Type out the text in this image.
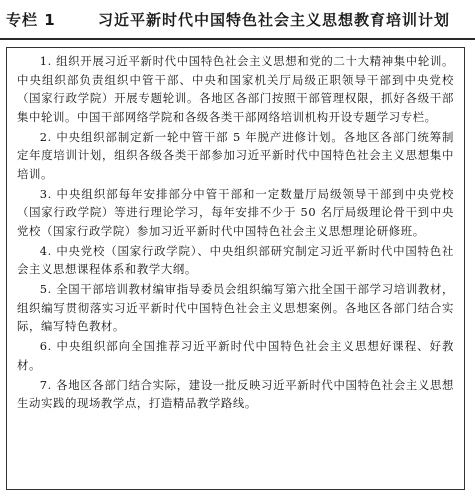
专栏 1	习近平新时代中国特色社会主义思想教育培训计划

1. 组织开展习近平新时代中国特色社会主义思想和党的二十大精神集中轮训。中央组织部负责组织中管干部、中央和国家机关厅局级正职领导干部到中央党校（国家行政学院）开展专题轮训。各地区各部门按照干部管理权限，抓好各级干部集中轮训。中国干部网络学院和各级各类干部网络培训机构开设专题学习专栏。

2. 中央组织部制定新一轮中管干部 5 年脱产进修计划。各地区各部门统筹制定年度培训计划，组织各级各类干部参加习近平新时代中国特色社会主义思想集中培训。

3. 中央组织部每年安排部分中管干部和一定数量厅局级领导干部到中央党校（国家行政学院）等进行理论学习，每年安排不少于 50 名厅局级理论骨干到中央党校（国家行政学院）参加习近平新时代中国特色社会主义思想理论研修班。

4. 中央党校（国家行政学院）、中央组织部研究制定习近平新时代中国特色社会主义思想课程体系和教学大纲。

5. 全国干部培训教材编审指导委员会组织编写第六批全国干部学习培训教材，组织编写贯彻落实习近平新时代中国特色社会主义思想案例。各地区各部门结合实际，编写特色教材。

6. 中央组织部向全国推荐习近平新时代中国特色社会主义思想好课程、好教材。

7. 各地区各部门结合实际，建设一批反映习近平新时代中国特色社会主义思想生动实践的现场教学点，打造精品教学路线。
